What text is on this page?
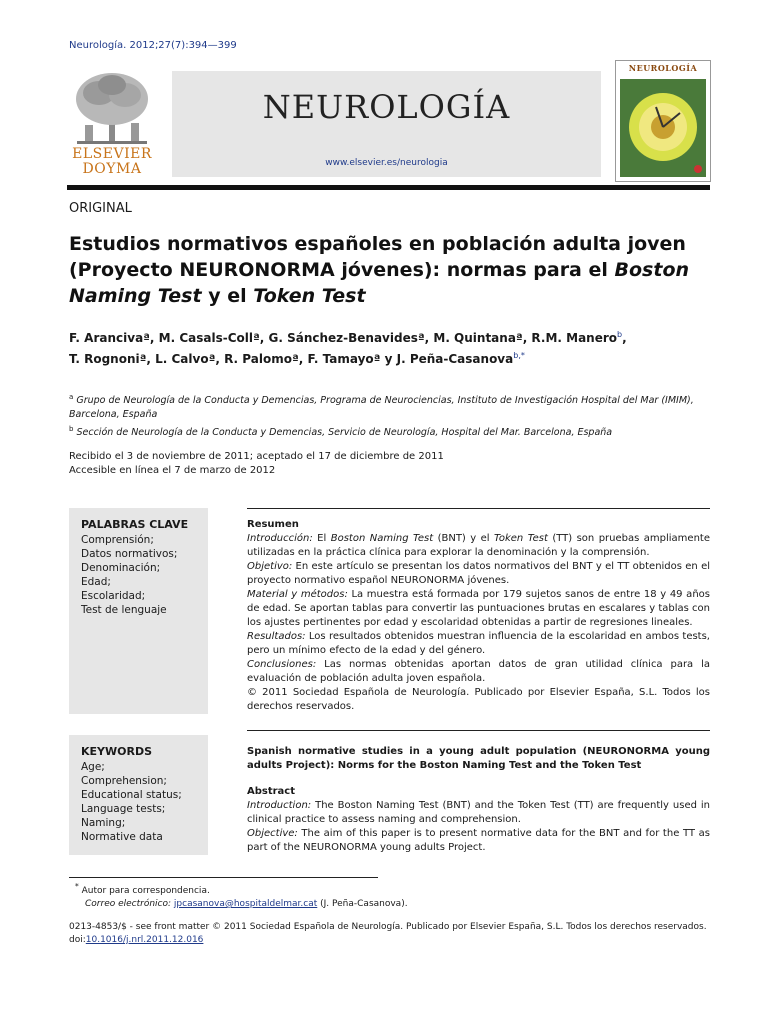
Neurología. 2012;27(7):394—399
ELSEVIER DOYMA
NEUROLOGÍA
www.elsevier.es/neurologia
NEUROLOGÍA
ORIGINAL
Estudios normativos españoles en población adulta joven (Proyecto NEURONORMA jóvenes): normas para el Boston Naming Test y el Token Test
F. Arancivaª, M. Casals-Collª, G. Sánchez-Benavidesª, M. Quintanaª, R.M. Manero$^b$,
T. Rognoniª, L. Calvoª, R. Palomoª, F. Tamayoª y J. Peña-Casanova$^{b,*}$
$^a$ Grupo de Neurología de la Conducta y Demencias, Programa de Neurociencias, Instituto de Investigación Hospital del Mar (IMIM), Barcelona, España
$^b$ Sección de Neurología de la Conducta y Demencias, Servicio de Neurología, Hospital del Mar. Barcelona, España
Recibido el 3 de noviembre de 2011; aceptado el 17 de diciembre de 2011
Accesible en línea el 7 de marzo de 2012
PALABRAS CLAVE
Comprensión;
Datos normativos;
Denominación;
Edad;
Escolaridad;
Test de lenguaje
Resumen
Introducción: El Boston Naming Test (BNT) y el Token Test (TT) son pruebas ampliamente utilizadas en la práctica clínica para explorar la denominación y la comprensión.
Objetivo: En este artículo se presentan los datos normativos del BNT y el TT obtenidos en el proyecto normativo español NEURONORMA jóvenes.
Material y métodos: La muestra está formada por 179 sujetos sanos de entre 18 y 49 años de edad. Se aportan tablas para convertir las puntuaciones brutas en escalares y tablas con los ajustes pertinentes por edad y escolaridad obtenidas a partir de regresiones lineales.
Resultados: Los resultados obtenidos muestran influencia de la escolaridad en ambos tests, pero un mínimo efecto de la edad y del género.
Conclusiones: Las normas obtenidas aportan datos de gran utilidad clínica para la evaluación de población adulta joven española.
© 2011 Sociedad Española de Neurología. Publicado por Elsevier España, S.L. Todos los derechos reservados.
KEYWORDS
Age;
Comprehension;
Educational status;
Language tests;
Naming;
Normative data
Spanish normative studies in a young adult population (NEURONORMA young adults Project): Norms for the Boston Naming Test and the Token Test
Abstract
Introduction: The Boston Naming Test (BNT) and the Token Test (TT) are frequently used in clinical practice to assess naming and comprehension.
Objective: The aim of this paper is to present normative data for the BNT and for the TT as part of the NEURONORMA young adults Project.
* Autor para correspondencia.
Correo electrónico: jpcasanova@hospitaldelmar.cat (J. Peña-Casanova).
0213-4853/$ - see front matter © 2011 Sociedad Española de Neurología. Publicado por Elsevier España, S.L. Todos los derechos reservados.
doi:10.1016/j.nrl.2011.12.016
